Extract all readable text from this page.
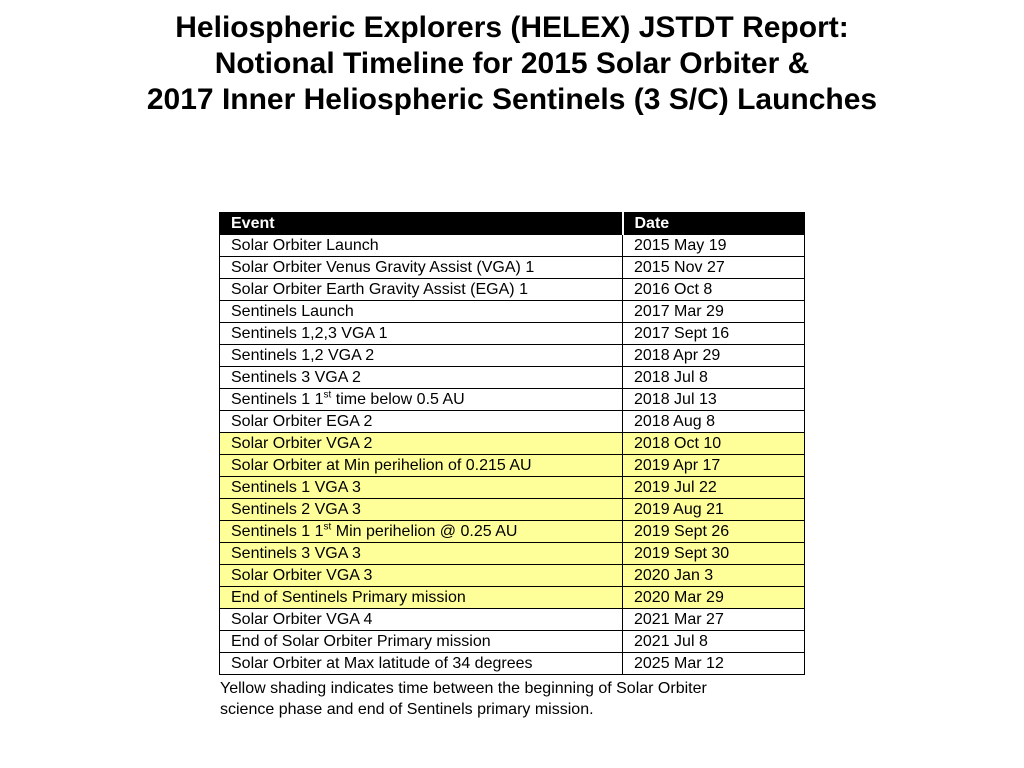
Heliospheric Explorers (HELEX) JSTDT Report:
Notional Timeline for 2015 Solar Orbiter &
2017 Inner Heliospheric Sentinels (3 S/C) Launches
Event	Date
Solar Orbiter Launch	2015 May 19
Solar Orbiter Venus Gravity Assist (VGA) 1	2015 Nov 27
Solar Orbiter Earth Gravity Assist (EGA) 1	2016 Oct 8
Sentinels Launch	2017 Mar 29
Sentinels 1,2,3 VGA 1	2017 Sept 16
Sentinels 1,2 VGA 2	2018 Apr 29
Sentinels 3 VGA 2	2018 Jul 8
Sentinels 1 1st time below 0.5 AU	2018 Jul 13
Solar Orbiter EGA 2	2018 Aug 8
Solar Orbiter VGA 2	2018 Oct 10
Solar Orbiter at Min perihelion of 0.215 AU	2019 Apr 17
Sentinels 1 VGA 3	2019 Jul 22
Sentinels 2 VGA 3	2019 Aug 21
Sentinels 1 1st Min perihelion @ 0.25 AU	2019 Sept 26
Sentinels 3 VGA 3	2019 Sept 30
Solar Orbiter VGA 3	2020 Jan 3
End of Sentinels Primary mission	2020 Mar 29
Solar Orbiter VGA 4	2021 Mar 27
End of Solar Orbiter Primary mission	2021 Jul 8
Solar Orbiter at Max latitude of 34 degrees	2025 Mar 12
Yellow shading indicates time between the beginning of Solar Orbiter
science phase and end of Sentinels primary mission.
